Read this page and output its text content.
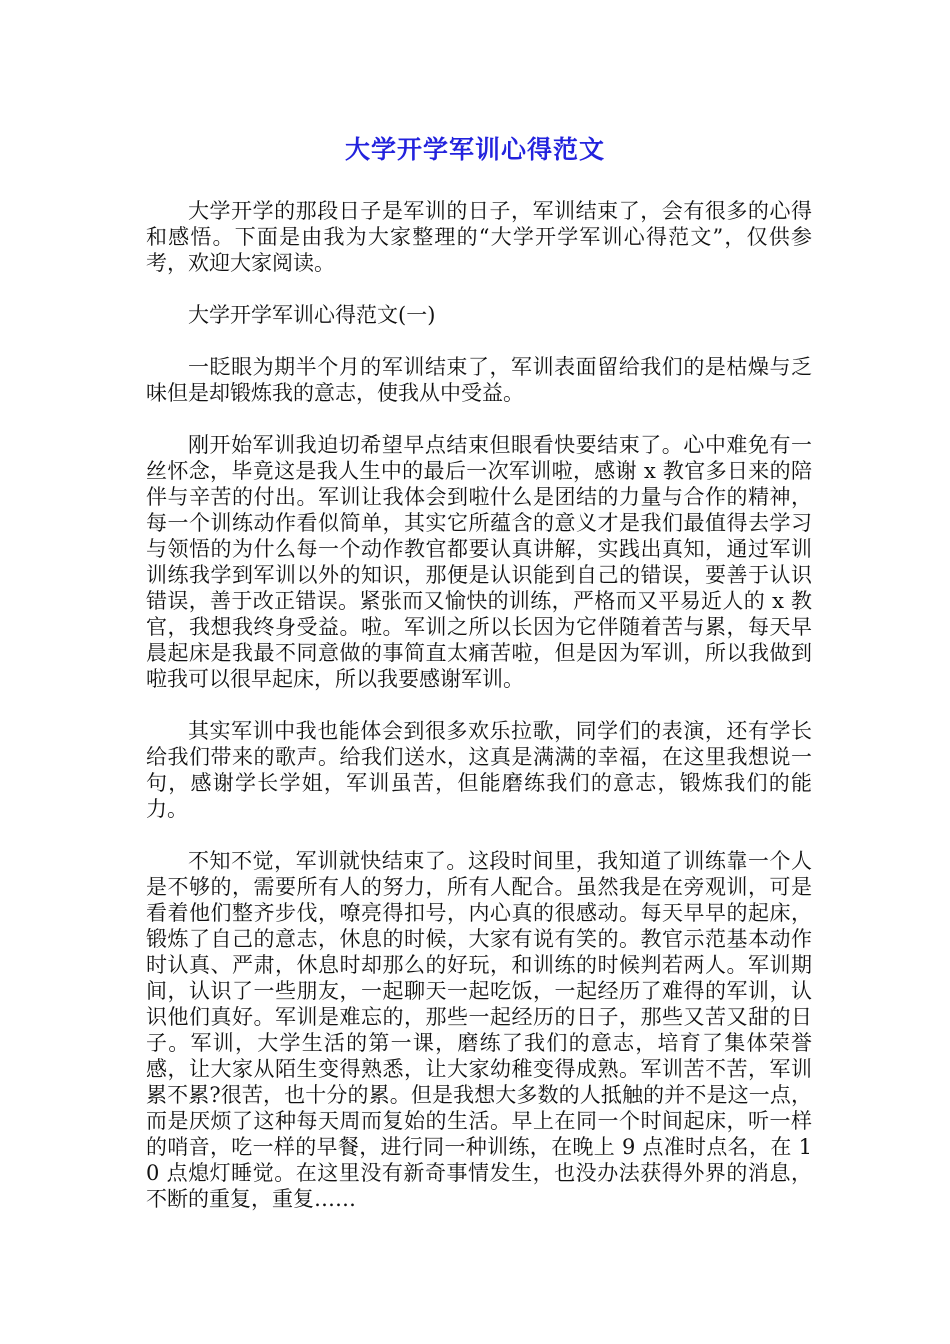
大学开学军训心得范文

大学开学的那段日子是军训的日子，军训结束了，会有很多的心得和感悟。下面是由我为大家整理的“大学开学军训心得范文”，仅供参考，欢迎大家阅读。

大学开学军训心得范文(一)

一眨眼为期半个月的军训结束了，军训表面留给我们的是枯燥与乏味但是却锻炼我的意志，使我从中受益。

刚开始军训我迫切希望早点结束但眼看快要结束了。心中难免有一丝怀念，毕竟这是我人生中的最后一次军训啦，感谢 x 教官多日来的陪伴与辛苦的付出。军训让我体会到啦什么是团结的力量与合作的精神，每一个训练动作看似简单，其实它所蕴含的意义才是我们最值得去学习与领悟的为什么每一个动作教官都要认真讲解，实践出真知，通过军训训练我学到军训以外的知识，那便是认识能到自己的错误，要善于认识错误，善于改正错误。紧张而又愉快的训练，严格而又平易近人的 x 教官，我想我终身受益。啦。军训之所以长因为它伴随着苦与累，每天早晨起床是我最不同意做的事简直太痛苦啦，但是因为军训，所以我做到啦我可以很早起床，所以我要感谢军训。

其实军训中我也能体会到很多欢乐拉歌，同学们的表演，还有学长给我们带来的歌声。给我们送水，这真是满满的幸福，在这里我想说一句，感谢学长学姐，军训虽苦，但能磨练我们的意志，锻炼我们的能力。

不知不觉，军训就快结束了。这段时间里，我知道了训练靠一个人是不够的，需要所有人的努力，所有人配合。虽然我是在旁观训，可是看着他们整齐步伐，嘹亮得扣号，内心真的很感动。每天早早的起床，锻炼了自己的意志，休息的时候，大家有说有笑的。教官示范基本动作时认真、严肃，休息时却那么的好玩，和训练的时候判若两人。军训期间，认识了一些朋友，一起聊天一起吃饭，一起经历了难得的军训，认识他们真好。军训是难忘的，那些一起经历的日子，那些又苦又甜的日子。军训，大学生活的第一课，磨练了我们的意志，培育了集体荣誉感，让大家从陌生变得熟悉，让大家幼稚变得成熟。军训苦不苦，军训累不累?很苦，也十分的累。但是我想大多数的人抵触的并不是这一点，而是厌烦了这种每天周而复始的生活。早上在同一个时间起床，听一样的哨音，吃一样的早餐，进行同一种训练，在晚上 9 点准时点名，在 10 点熄灯睡觉。在这里没有新奇事情发生，也没办法获得外界的消息，不断的重复，重复……
